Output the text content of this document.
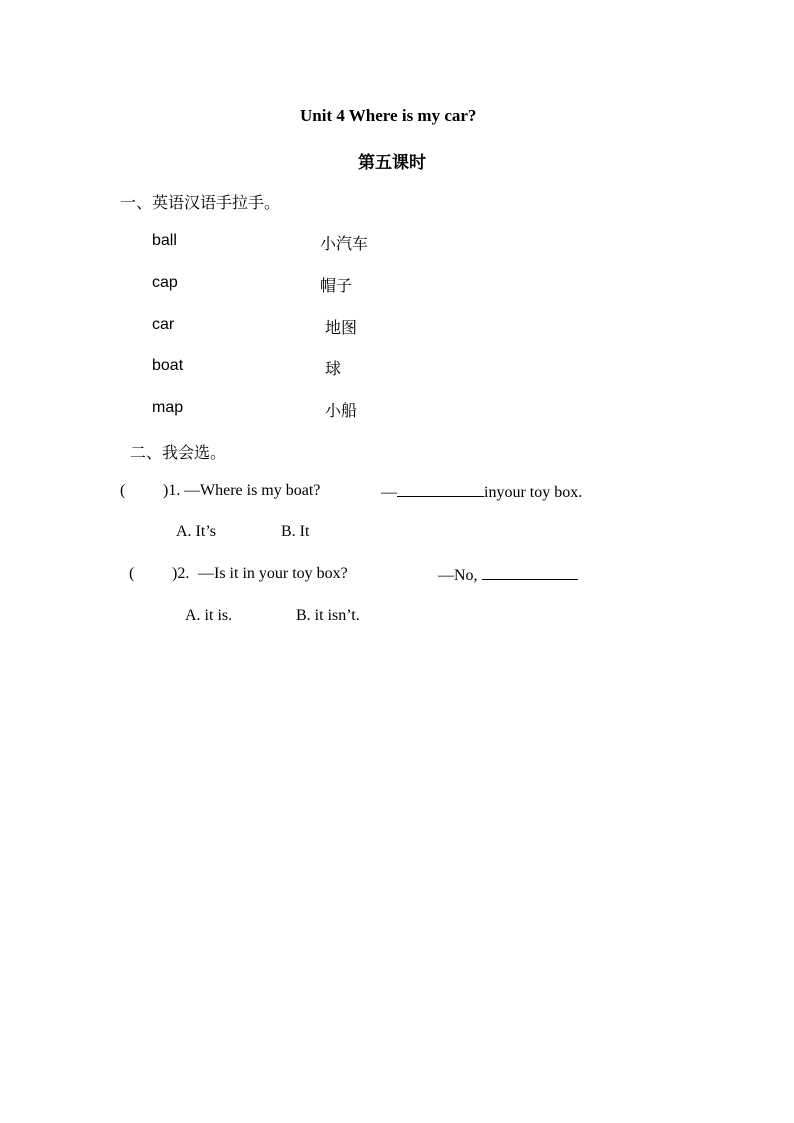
Unit 4 Where is my car?
第五课时
一、英语汉语手拉手。
ball	小汽车
cap	帽子
car	地图
boat	球
map	小船
二、我会选。
( )1. —Where is my boat?	—	inyour toy box.
A. It’s	B. It
( )2. —Is it in your toy box?	—No,
A. it is.	B. it isn’t.
